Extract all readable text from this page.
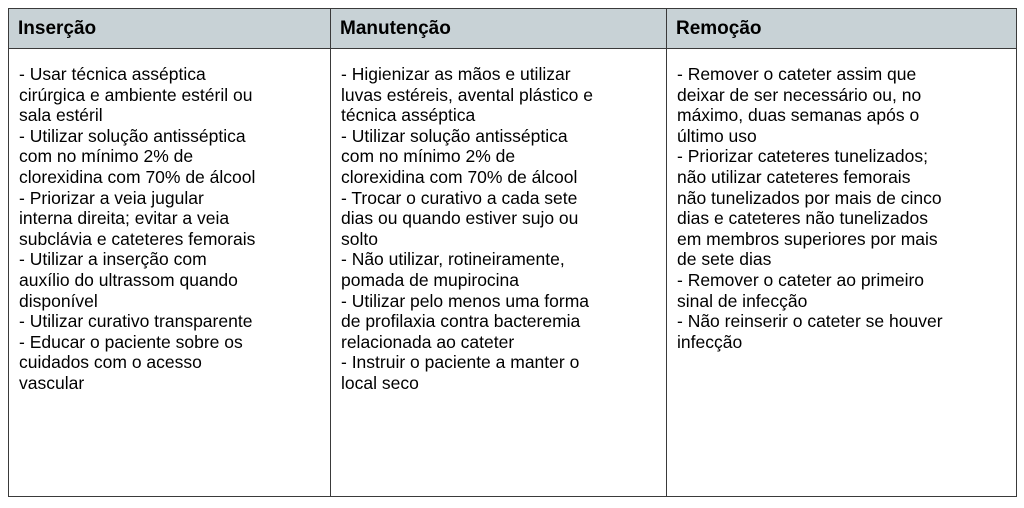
Inserção	Manutenção	Remoção
- Usar técnica asséptica
cirúrgica e ambiente estéril ou
sala estéril
- Utilizar solução antisséptica
com no mínimo 2% de
clorexidina com 70% de álcool
- Priorizar a veia jugular
interna direita; evitar a veia
subclávia e cateteres femorais
- Utilizar a inserção com
auxílio do ultrassom quando
disponível
- Utilizar curativo transparente
- Educar o paciente sobre os
cuidados com o acesso
vascular
- Higienizar as mãos e utilizar
luvas estéreis, avental plástico e
técnica asséptica
- Utilizar solução antisséptica
com no mínimo 2% de
clorexidina com 70% de álcool
- Trocar o curativo a cada sete
dias ou quando estiver sujo ou
solto
- Não utilizar, rotineiramente,
pomada de mupirocina
- Utilizar pelo menos uma forma
de profilaxia contra bacteremia
relacionada ao cateter
- Instruir o paciente a manter o
local seco
- Remover o cateter assim que
deixar de ser necessário ou, no
máximo, duas semanas após o
último uso
- Priorizar cateteres tunelizados;
não utilizar cateteres femorais
não tunelizados por mais de cinco
dias e cateteres não tunelizados
em membros superiores por mais
de sete dias
- Remover o cateter ao primeiro
sinal de infecção
- Não reinserir o cateter se houver
infecção
